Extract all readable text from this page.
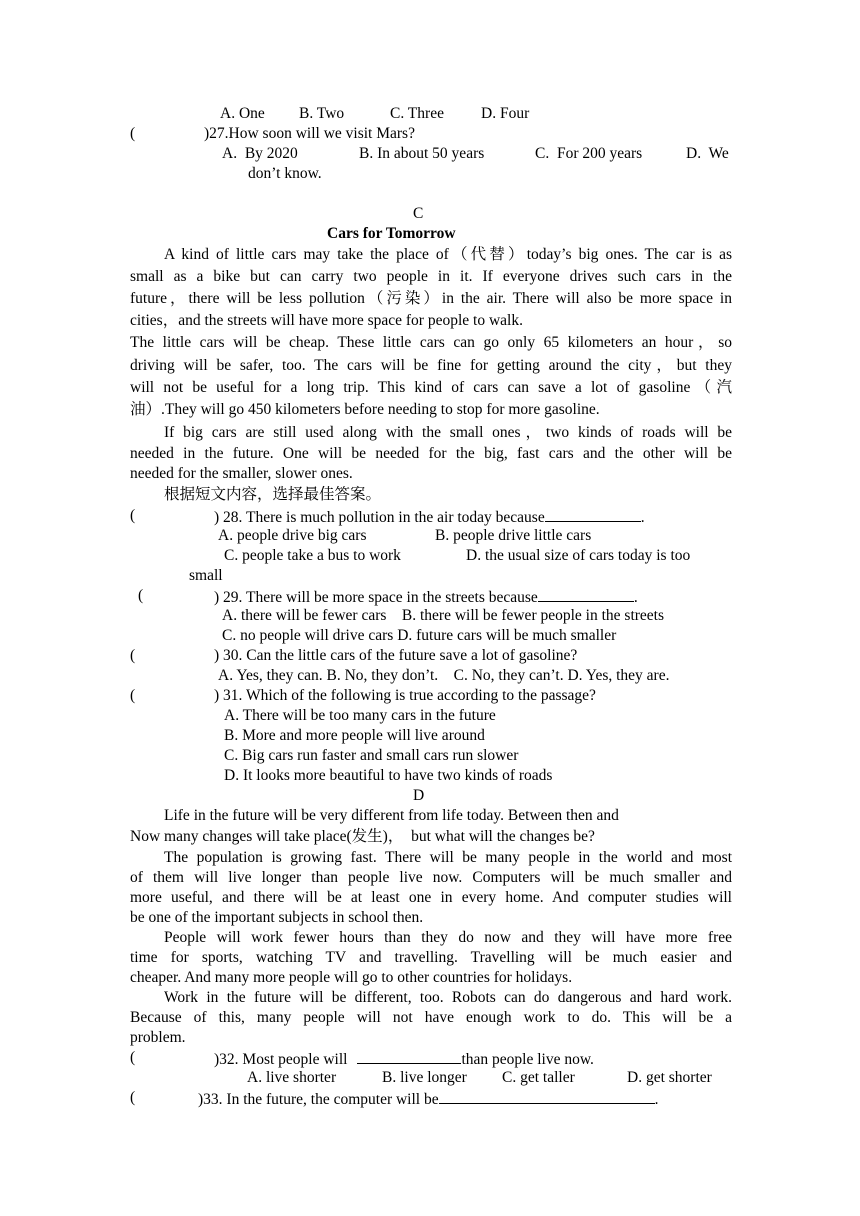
A. One B. Two	C. Three D. Four
(	)27.How soon will we visit Mars?
A.  By 2020	B. In about 50 years	C.  For 200 years	D.  We
don’t know.
C
Cars for Tomorrow
A kind of little cars may take the place of（代替）today’s big ones. The car is as
small as a bike but can carry two people in it. If everyone drives such cars in the
future，there will be less pollution（污染）in the air. There will also be more space in
cities，and the streets will have more space for people to walk.
The little cars will be cheap. These little cars can go only 65 kilometers an hour，so
driving will be safer, too. The cars will be fine for getting around the city，but they
will not be useful for a long trip. This kind of cars can save a lot of gasoline（汽
油）.They will go 450 kilometers before needing to stop for more gasoline.
If big cars are still used along with the small ones，two kinds of roads will be
needed in the future. One will be needed for the big, fast cars and the other will be
needed for the smaller, slower ones.
根据短文内容，选择最佳答案。
(	) 28. There is much pollution in the air today because	.
A. people drive big cars	B. people drive little cars
C. people take a bus to work	D. the usual size of cars today is too
small
(	) 29. There will be more space in the streets because	.
A. there will be fewer cars    B. there will be fewer people in the streets
C. no people will drive cars D. future cars will be much smaller
(	) 30. Can the little cars of the future save a lot of gasoline?
A. Yes, they can. B. No, they don’t.    C. No, they can’t. D. Yes, they are.
(	) 31. Which of the following is true according to the passage?
A. There will be too many cars in the future
B. More and more people will live around
C. Big cars run faster and small cars run slower
D. It looks more beautiful to have two kinds of roads
D
Life in the future will be very different from life today. Between then and
Now many changes will take place(发生)，  but what will the changes be?
The population is growing fast. There will be many people in the world and most
of them will live longer than people live now. Computers will be much smaller and
more useful, and there will be at least one in every home. And computer studies will
be one of the important subjects in school then.
People will work fewer hours than they do now and they will have more free
time for sports, watching TV and travelling. Travelling will be much easier and
cheaper. And many more people will go to other countries for holidays.
Work in the future will be different, too. Robots can do dangerous and hard work.
Because of this, many people will not have enough work to do. This will be a
problem.
(	)32. Most people will	than people live now.
A. live shorter	B. live longer C. get taller	D. get shorter
(	)33. In the future, the computer will be	.
